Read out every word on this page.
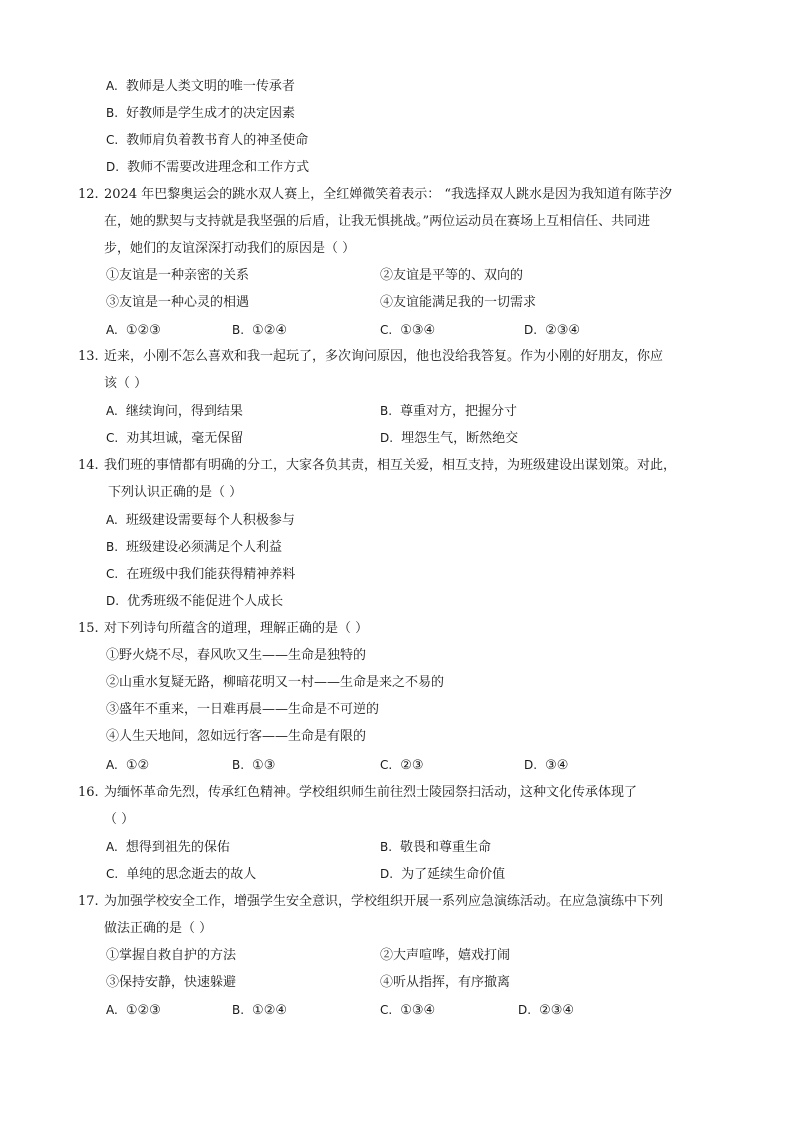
A. 教师是人类文明的唯一传承者
B. 好教师是学生成才的决定因素
C. 教师肩负着教书育人的神圣使命
D. 教师不需要改进理念和工作方式
12. 2024 年巴黎奥运会的跳水双人赛上，全红婵微笑着表示： “我选择双人跳水是因为我知道有陈芋汐
在，她的默契与支持就是我坚强的后盾，让我无惧挑战。”两位运动员在赛场上互相信任、共同进
步，她们的友谊深深打动我们的原因是（ ）
①友谊是一种亲密的关系	②友谊是平等的、双向的
③友谊是一种心灵的相遇	④友谊能满足我的一切需求
A. ①②③	B. ①②④	C. ①③④	D. ②③④
13. 近来，小刚不怎么喜欢和我一起玩了，多次询问原因，他也没给我答复。作为小刚的好朋友，你应
该（ ）
A. 继续询问，得到结果	B. 尊重对方，把握分寸
C. 劝其坦诚，毫无保留	D. 埋怨生气，断然绝交
14. 我们班的事情都有明确的分工，大家各负其责，相互关爱，相互支持，为班级建设出谋划策。对此，
下列认识正确的是（ ）
A. 班级建设需要每个人积极参与
B. 班级建设必须满足个人利益
C. 在班级中我们能获得精神养料
D. 优秀班级不能促进个人成长
15. 对下列诗句所蕴含的道理，理解正确的是（ ）
①野火烧不尽，春风吹又生——生命是独特的
②山重水复疑无路，柳暗花明又一村——生命是来之不易的
③盛年不重来，一日难再晨——生命是不可逆的
④人生天地间，忽如远行客——生命是有限的
A. ①②	B. ①③	C. ②③	D. ③④
16. 为缅怀革命先烈，传承红色精神。学校组织师生前往烈士陵园祭扫活动，这种文化传承体现了
（ ）
A. 想得到祖先的保佑	B. 敬畏和尊重生命
C. 单纯的思念逝去的故人	D. 为了延续生命价值
17. 为加强学校安全工作，增强学生安全意识，学校组织开展一系列应急演练活动。在应急演练中下列
做法正确的是（ ）
①掌握自救自护的方法	②大声喧哗，嬉戏打闹
③保持安静，快速躲避	④听从指挥，有序撤离
A. ①②③	B. ①②④	C. ①③④	D. ②③④
